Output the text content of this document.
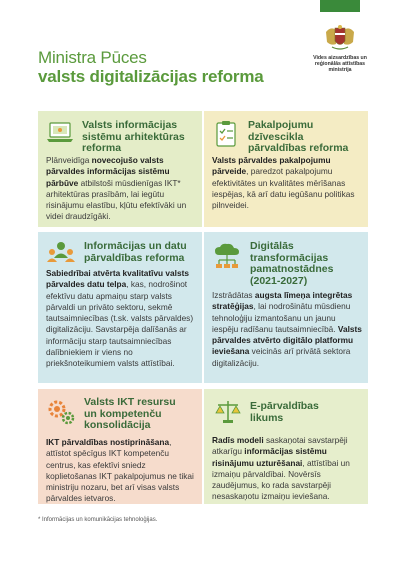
Ministra Pūces
valsts digitalizācijas reforma
Vides aizsardzības un
reģionālās attīstības
ministrija
Valsts informācijas
sistēmu arhitektūras
reforma
Plānveidīga novecojušo valsts pārvaldes informācijas sistēmu pārbūve atbilstoši mūsdienīgas IKT* arhitektūras prasībām, lai iegūtu risinājumu elastību, kļūtu efektīvāki un videi draudzīgāki.
Pakalpojumu
dzīvescikla
pārvaldības reforma
Valsts pārvaldes pakalpojumu pārveide, paredzot pakalpojumu efektivitātes un kvalitātes mērīšanas iespējas, kā arī datu iegūšanu politikas pilnveidei.
Informācijas un datu
pārvaldības reforma
Sabiedrībai atvērta kvalitatīvu valsts pārvaldes datu telpa, kas, nodrošinot efektīvu datu apmaiņu starp valsts pārvaldi un privāto sektoru, sekmē tautsaimniecības (t.sk. valsts pārvaldes) digitalizāciju. Savstarpēja dalīšanās ar informāciju starp tautsaimniecības dalībniekiem ir viens no priekšnoteikumiem valsts attīstībai.
Digitālās
transformācijas
pamatnostādnes
(2021-2027)
Izstrādātas augsta līmeņa integrētas stratēģijas, lai nodrošinātu mūsdienu tehnoloģiju izmantošanu un jaunu iespēju radīšanu tautsaimniecībā. Valsts pārvaldes atvērto digitālo platformu ieviešana veicinās arī privātā sektora digitalizāciju.
Valsts IKT resursu
un kompetenču
konsolidācija
IKT pārvaldības nostiprināšana, attīstot spēcīgus IKT kompetenču centrus, kas efektīvi sniedz koplietošanas IKT pakalpojumus ne tikai ministriju nozaru, bet arī visas valsts pārvaldes ietvaros.
E-pārvaldības
likums
Radīs modeli saskaņotai savstarpēji atkarīgu informācijas sistēmu risinājumu uzturēšanai, attīstībai un izmaiņu pārvaldībai. Novērsīs zaudējumus, ko rada savstarpēji nesaskaņotu izmaiņu ieviešana.
* Informācijas un komunikācijas tehnoloģijas.
